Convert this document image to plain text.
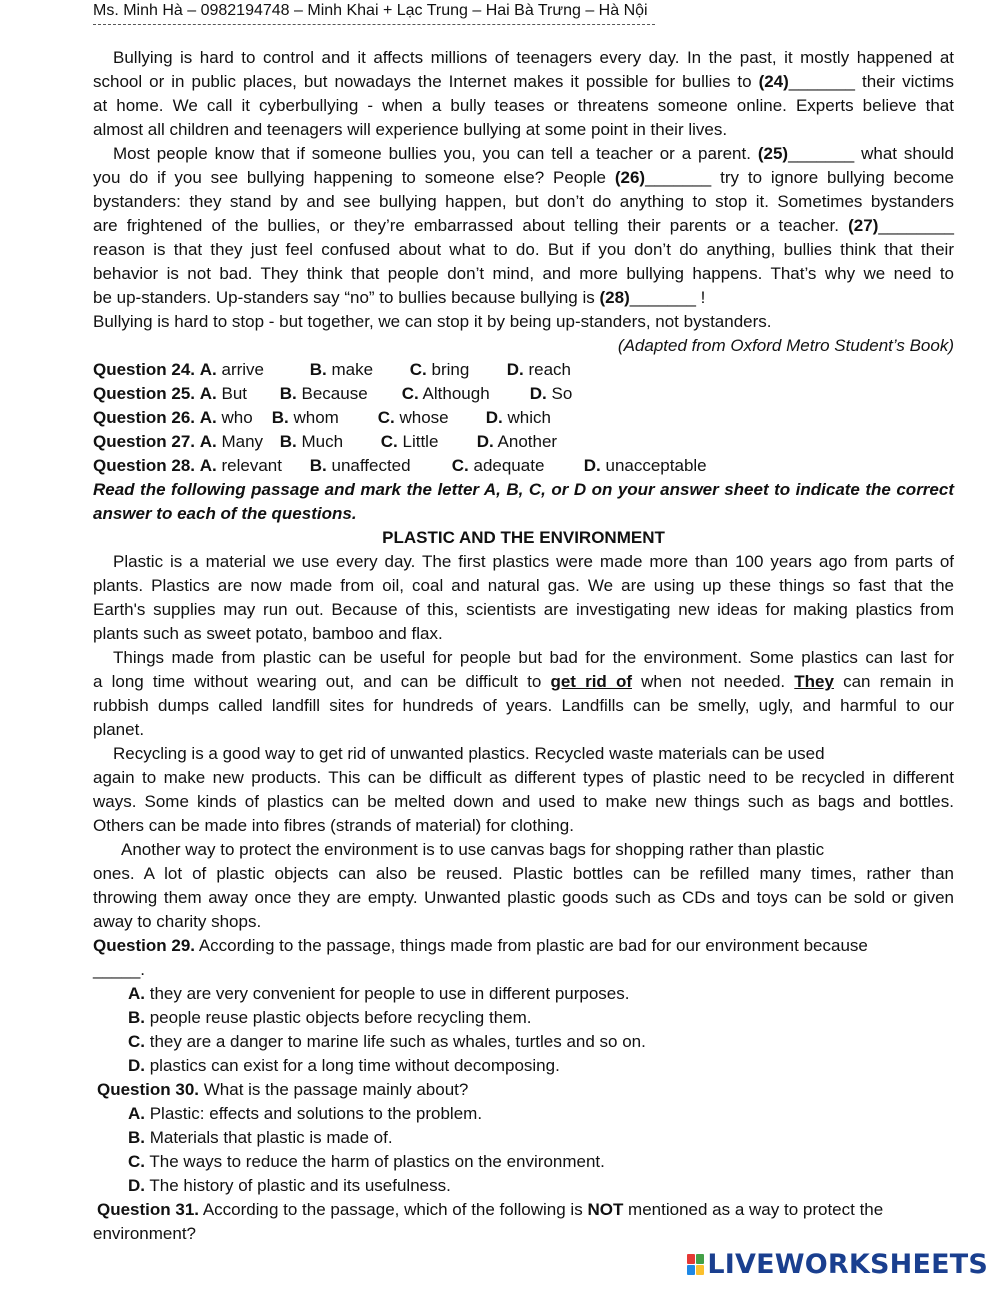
Ms. Minh Hà – 0982194748 – Minh Khai + Lạc Trung – Hai Bà Trưng – Hà Nội
Bullying is hard to control and it affects millions of teenagers every day. In the past, it mostly happened at
school or in public places, but nowadays the Internet makes it possible for bullies to (24)_______ their victims
at home. We call it cyberbullying - when a bully teases or threatens someone online. Experts believe that
almost all children and teenagers will experience bullying at some point in their lives.
Most people know that if someone bullies you, you can tell a teacher or a parent. (25)_______ what should
you do if you see bullying happening to someone else? People (26)_______ try to ignore bullying become
bystanders: they stand by and see bullying happen, but don’t do anything to stop it. Sometimes bystanders
are frightened of the bullies, or they’re embarrassed about telling their parents or a teacher. (27)________
reason is that they just feel confused about what to do. But if you don’t do anything, bullies think that their
behavior is not bad. They think that people don’t mind, and more bullying happens. That’s why we need to
be up-standers. Up-standers say “no” to bullies because bullying is (28)_______ !
Bullying is hard to stop - but together, we can stop it by being up-standers, not bystanders.
(Adapted from Oxford Metro Student’s Book)
Question 24. A. arrive	B. make C. bring D. reach
Question 25. A. But B. Because C. Although D. So
Question 26. A. who B. whom C. whose D. which
Question 27. A. Many B. Much C. Little D. Another
Question 28. A. relevant B. unaffected C. adequate D. unacceptable
Read the following passage and mark the letter A, B, C, or D on your answer sheet to indicate the correct
answer to each of the questions.
PLASTIC AND THE ENVIRONMENT
Plastic is a material we use every day. The first plastics were made more than 100 years ago from parts of
plants. Plastics are now made from oil, coal and natural gas. We are using up these things so fast that the
Earth's supplies may run out. Because of this, scientists are investigating new ideas for making plastics from
plants such as sweet potato, bamboo and flax.
Things made from plastic can be useful for people but bad for the environment. Some plastics can last for
a long time without wearing out, and can be difficult to get rid of when not needed. They can remain in
rubbish dumps called landfill sites for hundreds of years. Landfills can be smelly, ugly, and harmful to our
planet.
Recycling is a good way to get rid of unwanted plastics. Recycled waste materials can be used
again to make new products. This can be difficult as different types of plastic need to be recycled in different
ways. Some kinds of plastics can be melted down and used to make new things such as bags and bottles.
Others can be made into fibres (strands of material) for clothing.
Another way to protect the environment is to use canvas bags for shopping rather than plastic
ones. A lot of plastic objects can also be reused. Plastic bottles can be refilled many times, rather than
throwing them away once they are empty. Unwanted plastic goods such as CDs and toys can be sold or given
away to charity shops.
Question 29. According to the passage, things made from plastic are bad for our environment because
_____.
A. they are very convenient for people to use in different purposes.
B. people reuse plastic objects before recycling them.
C. they are a danger to marine life such as whales, turtles and so on.
D. plastics can exist for a long time without decomposing.
Question 30. What is the passage mainly about?
A. Plastic: effects and solutions to the problem.
B. Materials that plastic is made of.
C. The ways to reduce the harm of plastics on the environment.
D. The history of plastic and its usefulness.
Question 31. According to the passage, which of the following is NOT mentioned as a way to protect the
environment?
LIVEWORKSHEETS
